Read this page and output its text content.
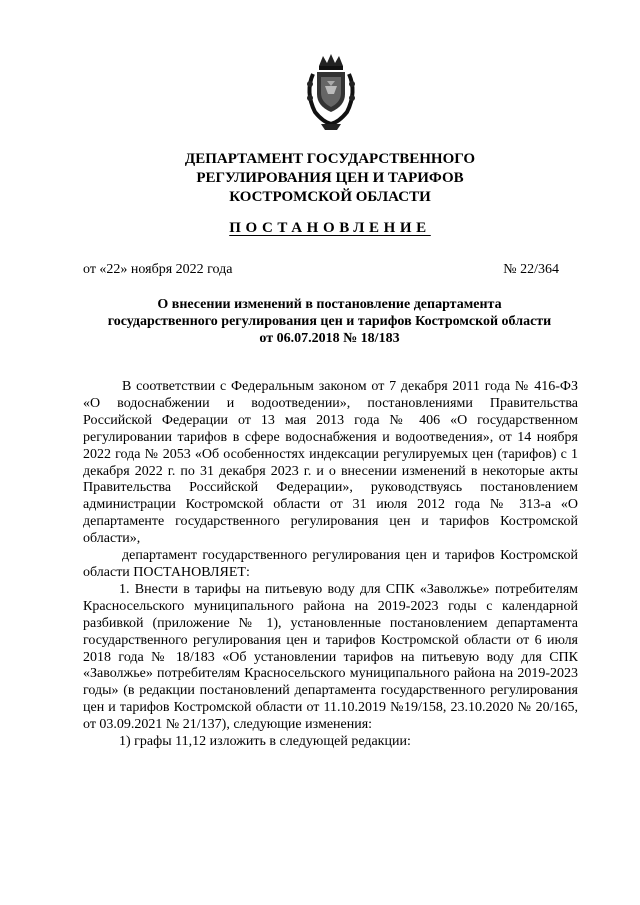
ДЕПАРТАМЕНТ ГОСУДАРСТВЕННОГО
РЕГУЛИРОВАНИЯ ЦЕН И ТАРИФОВ
КОСТРОМСКОЙ ОБЛАСТИ
ПОСТАНОВЛЕНИЕ
от «22» ноября 2022 года	№ 22/364
О внесении изменений в постановление департамента
государственного регулирования цен и тарифов Костромской области
от 06.07.2018 № 18/183

В соответствии с Федеральным законом от 7 декабря 2011 года № 416-ФЗ «О водоснабжении и водоотведении», постановлениями Правительства Российской Федерации от 13 мая 2013 года № 406 «О государственном регулировании тарифов в сфере водоснабжения и водоотведения», от 14 ноября 2022 года № 2053 «Об особенностях индексации регулируемых цен (тарифов) с 1 декабря 2022 г. по 31 декабря 2023 г. и о внесении изменений в некоторые акты Правительства Российской Федерации», руководствуясь постановлением администрации Костромской области от 31 июля 2012 года № 313-а «О департаменте государственного регулирования цен и тарифов Костромской области»,

департамент государственного регулирования цен и тарифов Костромской области ПОСТАНОВЛЯЕТ:

1. Внести в тарифы на питьевую воду для СПК «Заволжье» потребителям Красносельского муниципального района на 2019-2023 годы с календарной разбивкой (приложение № 1), установленные постановлением департамента государственного регулирования цен и тарифов Костромской области от 6 июля 2018 года № 18/183 «Об установлении тарифов на питьевую воду для СПК «Заволжье» потребителям Красносельского муниципального района на 2019-2023 годы» (в редакции постановлений департамента государственного регулирования цен и тарифов Костромской области от 11.10.2019 №19/158, 23.10.2020 № 20/165, от 03.09.2021 № 21/137), следующие изменения:

1) графы 11,12 изложить в следующей редакции:
